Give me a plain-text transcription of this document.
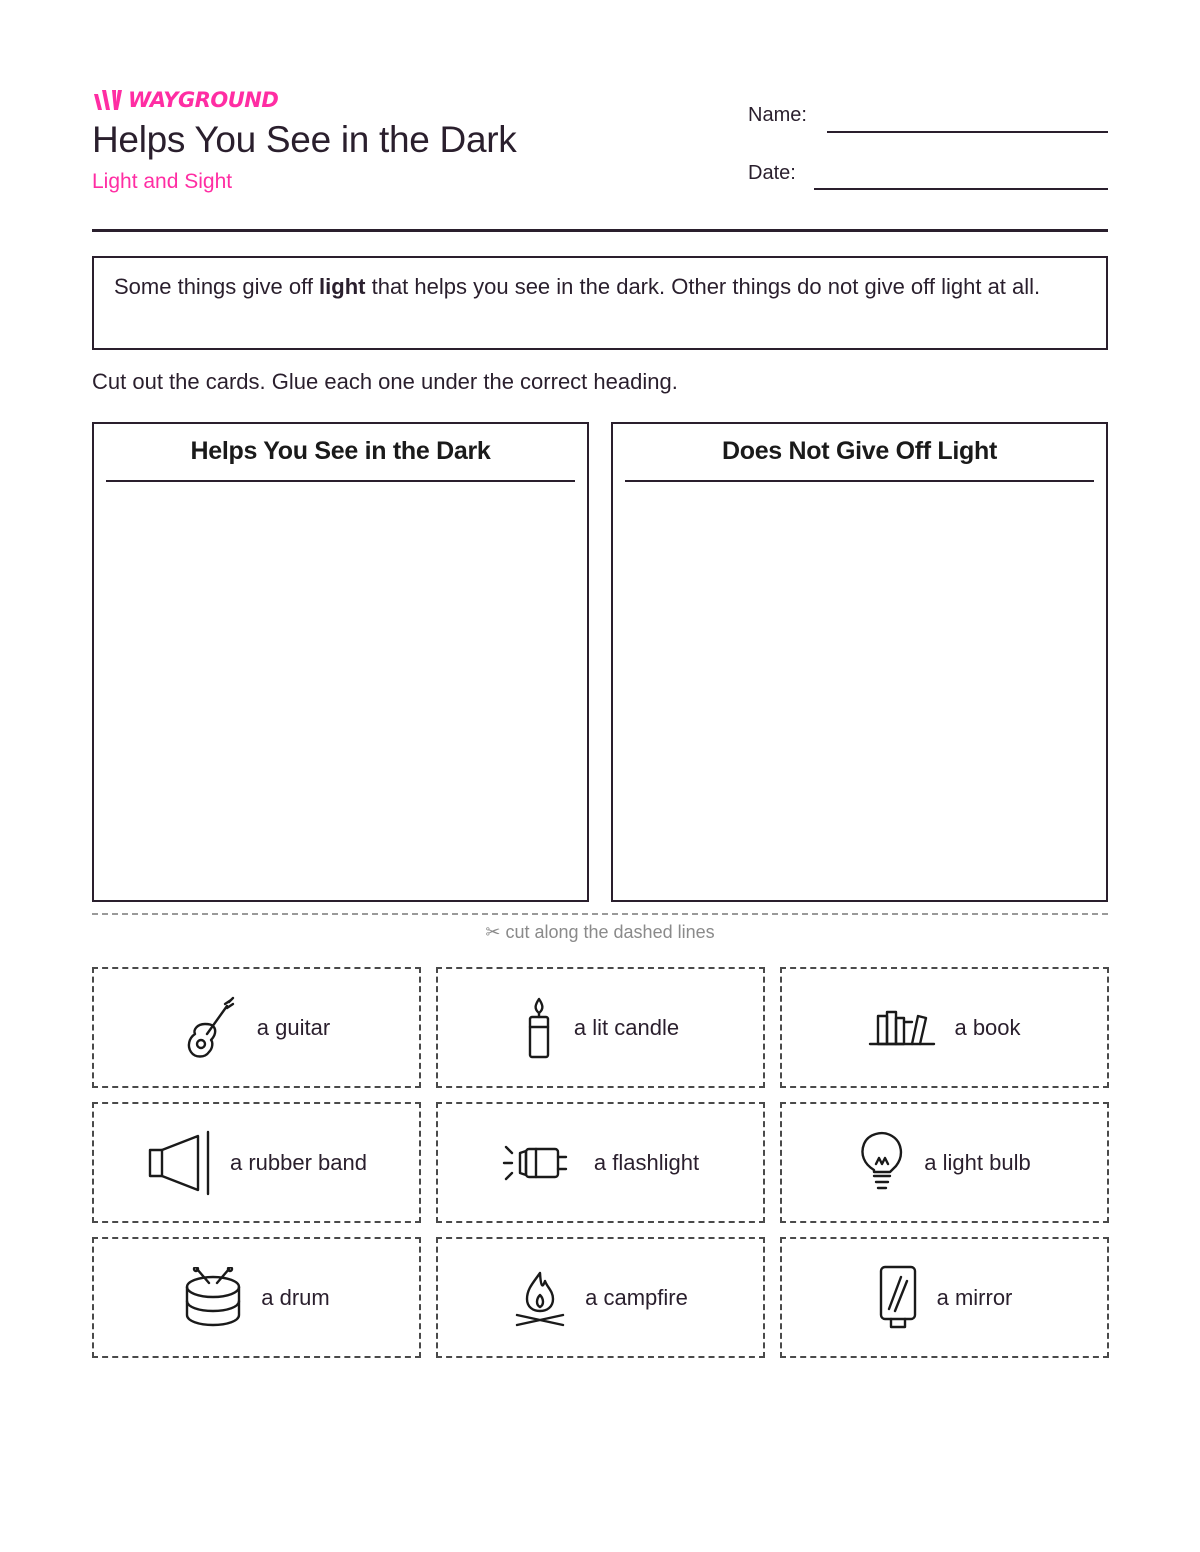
WAYGROUND
Helps You See in the Dark
Light and Sight
Name:
Date:
Some things give off light that helps you see in the dark. Other things do not give off light at all.
Cut out the cards. Glue each one under the correct heading.
Helps You See in the Dark	Does Not Give Off Light
✂ cut along the dashed lines
a guitar	a lit candle	a book
a rubber band	a flashlight	a light bulb
a drum	a campfire	a mirror
